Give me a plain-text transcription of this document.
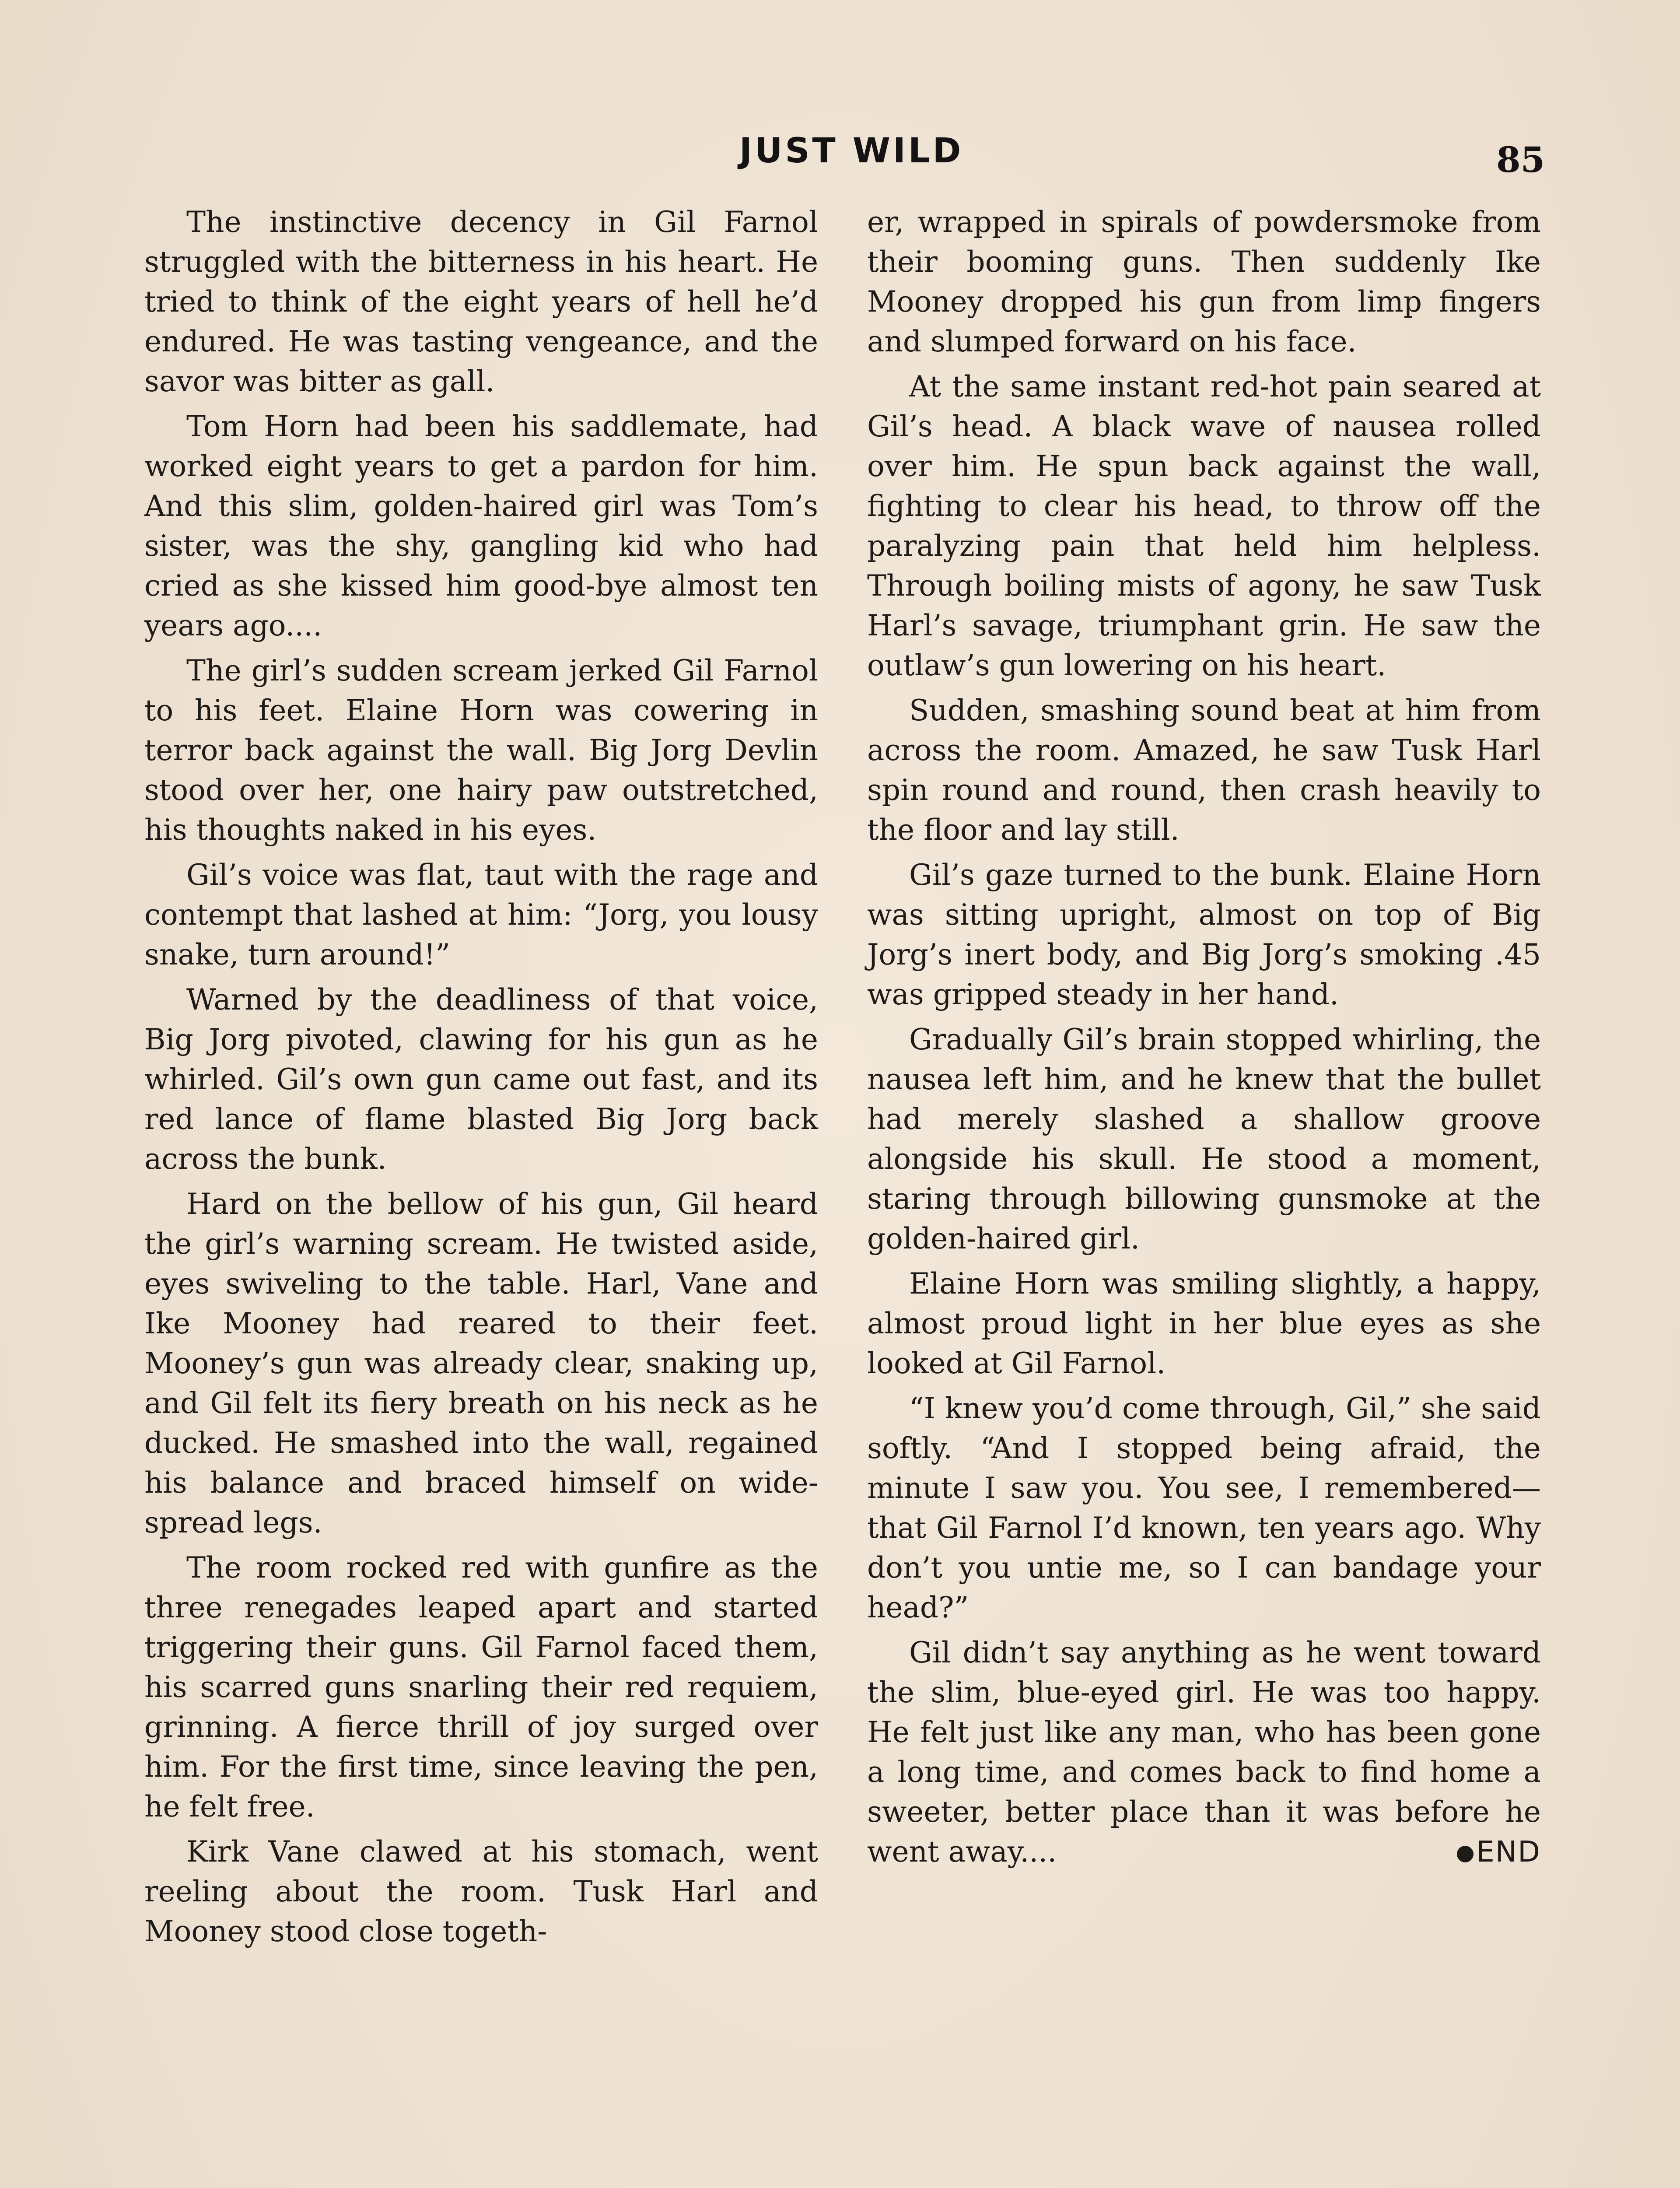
JUST WILD	85

The instinctive decency in Gil Farnol struggled with the bitterness in his heart. He tried to think of the eight years of hell he’d endured. He was tasting vengeance, and the savor was bitter as gall.

Tom Horn had been his saddlemate, had worked eight years to get a pardon for him. And this slim, golden-haired girl was Tom’s sister, was the shy, gangling kid who had cried as she kissed him good-bye almost ten years ago....

The girl’s sudden scream jerked Gil Farnol to his feet. Elaine Horn was cowering in terror back against the wall. Big Jorg Devlin stood over her, one hairy paw outstretched, his thoughts naked in his eyes.

Gil’s voice was flat, taut with the rage and contempt that lashed at him: “Jorg, you lousy snake, turn around!”

Warned by the deadliness of that voice, Big Jorg pivoted, clawing for his gun as he whirled. Gil’s own gun came out fast, and its red lance of flame blasted Big Jorg back across the bunk.

Hard on the bellow of his gun, Gil heard the girl’s warning scream. He twisted aside, eyes swiveling to the table. Harl, Vane and Ike Mooney had reared to their feet. Mooney’s gun was already clear, snaking up, and Gil felt its fiery breath on his neck as he ducked. He smashed into the wall, regained his balance and braced himself on wide-spread legs.

The room rocked red with gunfire as the three renegades leaped apart and started triggering their guns. Gil Farnol faced them, his scarred guns snarling their red requiem, grinning. A fierce thrill of joy surged over him. For the first time, since leaving the pen, he felt free.

Kirk Vane clawed at his stomach, went reeling about the room. Tusk Harl and Mooney stood close togeth-

er, wrapped in spirals of powdersmoke from their booming guns. Then suddenly Ike Mooney dropped his gun from limp fingers and slumped forward on his face.

At the same instant red-hot pain seared at Gil’s head. A black wave of nausea rolled over him. He spun back against the wall, fighting to clear his head, to throw off the paralyzing pain that held him helpless. Through boiling mists of agony, he saw Tusk Harl’s savage, triumphant grin. He saw the outlaw’s gun lowering on his heart.

Sudden, smashing sound beat at him from across the room. Amazed, he saw Tusk Harl spin round and round, then crash heavily to the floor and lay still.

Gil’s gaze turned to the bunk. Elaine Horn was sitting upright, almost on top of Big Jorg’s inert body, and Big Jorg’s smoking .45 was gripped steady in her hand.

Gradually Gil’s brain stopped whirling, the nausea left him, and he knew that the bullet had merely slashed a shallow groove alongside his skull. He stood a moment, staring through billowing gunsmoke at the golden-haired girl.

Elaine Horn was smiling slightly, a happy, almost proud light in her blue eyes as she looked at Gil Farnol.

“I knew you’d come through, Gil,” she said softly. “And I stopped being afraid, the minute I saw you. You see, I remembered—that Gil Farnol I’d known, ten years ago. Why don’t you untie me, so I can bandage your head?”

Gil didn’t say anything as he went toward the slim, blue-eyed girl. He was too happy. He felt just like any man, who has been gone a long time, and comes back to find home a sweeter, better place than it was before he went away....	END
